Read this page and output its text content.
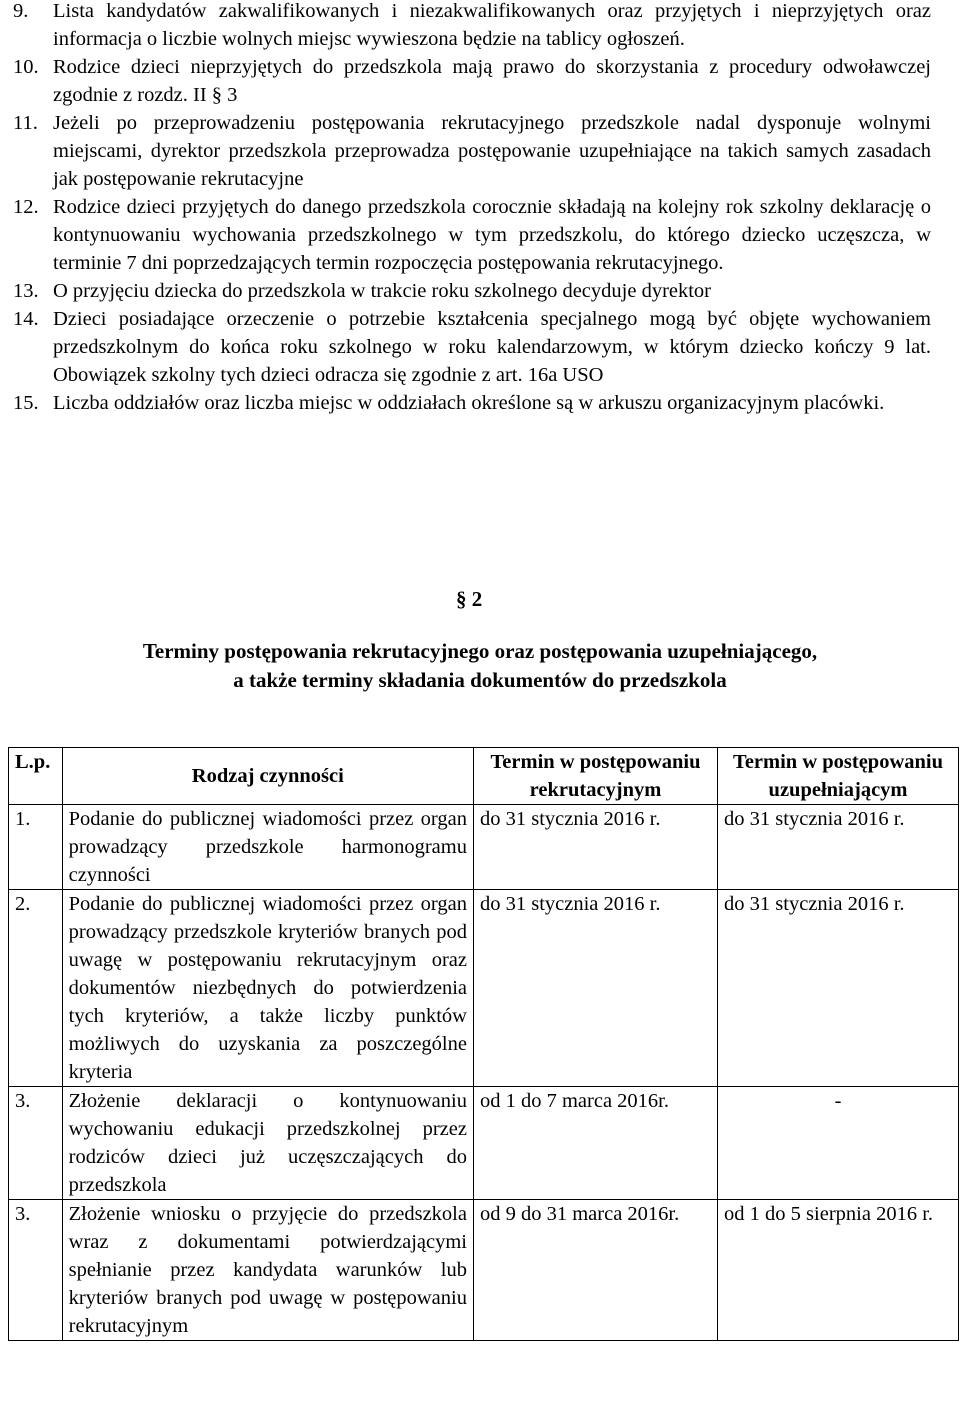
9.	Lista kandydatów zakwalifikowanych i niezakwalifikowanych oraz przyjętych i nieprzyjętych oraz informacja o liczbie wolnych miejsc wywieszona będzie na tablicy ogłoszeń.
10. Rodzice dzieci nieprzyjętych do przedszkola mają prawo do skorzystania z procedury odwoławczej zgodnie z rozdz. II § 3
11. Jeżeli po przeprowadzeniu postępowania rekrutacyjnego przedszkole nadal dysponuje wolnymi miejscami, dyrektor przedszkola przeprowadza postępowanie uzupełniające na takich samych zasadach jak postępowanie rekrutacyjne
12. Rodzice dzieci przyjętych do danego przedszkola corocznie składają na kolejny rok szkolny deklarację o kontynuowaniu wychowania przedszkolnego w tym przedszkolu, do którego dziecko uczęszcza, w terminie 7 dni poprzedzających termin rozpoczęcia postępowania rekrutacyjnego.
13. O przyjęciu dziecka do przedszkola w trakcie roku szkolnego decyduje dyrektor
14. Dzieci posiadające orzeczenie o potrzebie kształcenia specjalnego mogą być objęte wychowaniem przedszkolnym do końca roku szkolnego w roku kalendarzowym, w którym dziecko kończy 9 lat. Obowiązek szkolny tych dzieci odracza się zgodnie z art. 16a USO
15. Liczba oddziałów oraz liczba miejsc w oddziałach określone są w arkuszu organizacyjnym placówki.
§ 2
Terminy postępowania rekrutacyjnego oraz postępowania uzupełniającego,
a także terminy składania dokumentów do przedszkola
L.p.	Rodzaj czynności	Termin w postępowaniu rekrutacyjnym	Termin w postępowaniu uzupełniającym
1.	Podanie do publicznej wiadomości przez organ prowadzący przedszkole harmonogramu czynności	do 31 stycznia 2016 r.	do 31 stycznia 2016 r.
2.	Podanie do publicznej wiadomości przez organ prowadzący przedszkole kryteriów branych pod uwagę w postępowaniu rekrutacyjnym oraz dokumentów niezbędnych do potwierdzenia tych kryteriów, a także liczby punktów możliwych do uzyskania za poszczególne kryteria	do 31 stycznia 2016 r.	do 31 stycznia 2016 r.
3.	Złożenie deklaracji o kontynuowaniu wychowaniu edukacji przedszkolnej przez rodziców dzieci już uczęszczających do przedszkola	od 1 do 7 marca 2016r.	-
3.	Złożenie wniosku o przyjęcie do przedszkola wraz z dokumentami potwierdzającymi spełnianie przez kandydata warunków lub kryteriów branych pod uwagę w postępowaniu rekrutacyjnym	od 9 do 31 marca 2016r.	od 1 do 5 sierpnia 2016 r.
